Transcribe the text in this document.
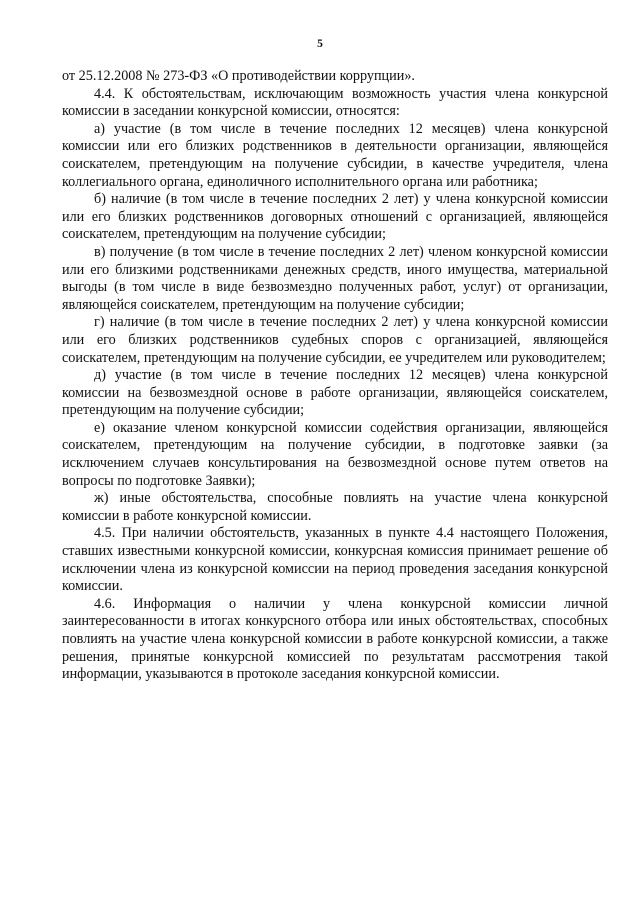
5

от 25.12.2008 № 273-ФЗ «О противодействии коррупции».

4.4. К обстоятельствам, исключающим возможность участия члена конкурсной комиссии в заседании конкурсной комиссии, относятся:

а) участие (в том числе в течение последних 12 месяцев) члена конкурсной комиссии или его близких родственников в деятельности организации, являющейся соискателем, претендующим на получение субсидии, в качестве учредителя, члена коллегиального органа, единоличного исполнительного органа или работника;

б) наличие (в том числе в течение последних 2 лет) у члена конкурсной комиссии или его близких родственников договорных отношений с организацией, являющейся соискателем, претендующим на получение субсидии;

в) получение (в том числе в течение последних 2 лет) членом конкурсной комиссии или его близкими родственниками денежных средств, иного имущества, материальной выгоды (в том числе в виде безвозмездно полученных работ, услуг) от организации, являющейся соискателем, претендующим на получение субсидии;

г) наличие (в том числе в течение последних 2 лет) у члена конкурсной комиссии или его близких родственников судебных споров с организацией, являющейся соискателем, претендующим на получение субсидии, ее учредителем или руководителем;

д) участие (в том числе в течение последних 12 месяцев) члена конкурсной комиссии на безвозмездной основе в работе организации, являющейся соискателем, претендующим на получение субсидии;

е) оказание членом конкурсной комиссии содействия организации, являющейся соискателем, претендующим на получение субсидии, в подготовке заявки (за исключением случаев консультирования на безвозмездной основе путем ответов на вопросы по подготовке Заявки);

ж) иные обстоятельства, способные повлиять на участие члена конкурсной комиссии в работе конкурсной комиссии.

4.5. При наличии обстоятельств, указанных в пункте 4.4 настоящего Положения, ставших известными конкурсной комиссии, конкурсная комиссия принимает решение об исключении члена из конкурсной комиссии на период проведения заседания конкурсной комиссии.

4.6. Информация о наличии у члена конкурсной комиссии личной заинтересованности в итогах конкурсного отбора или иных обстоятельствах, способных повлиять на участие члена конкурсной комиссии в работе конкурсной комиссии, а также решения, принятые конкурсной комиссией по результатам рассмотрения такой информации, указываются в протоколе заседания конкурсной комиссии.
